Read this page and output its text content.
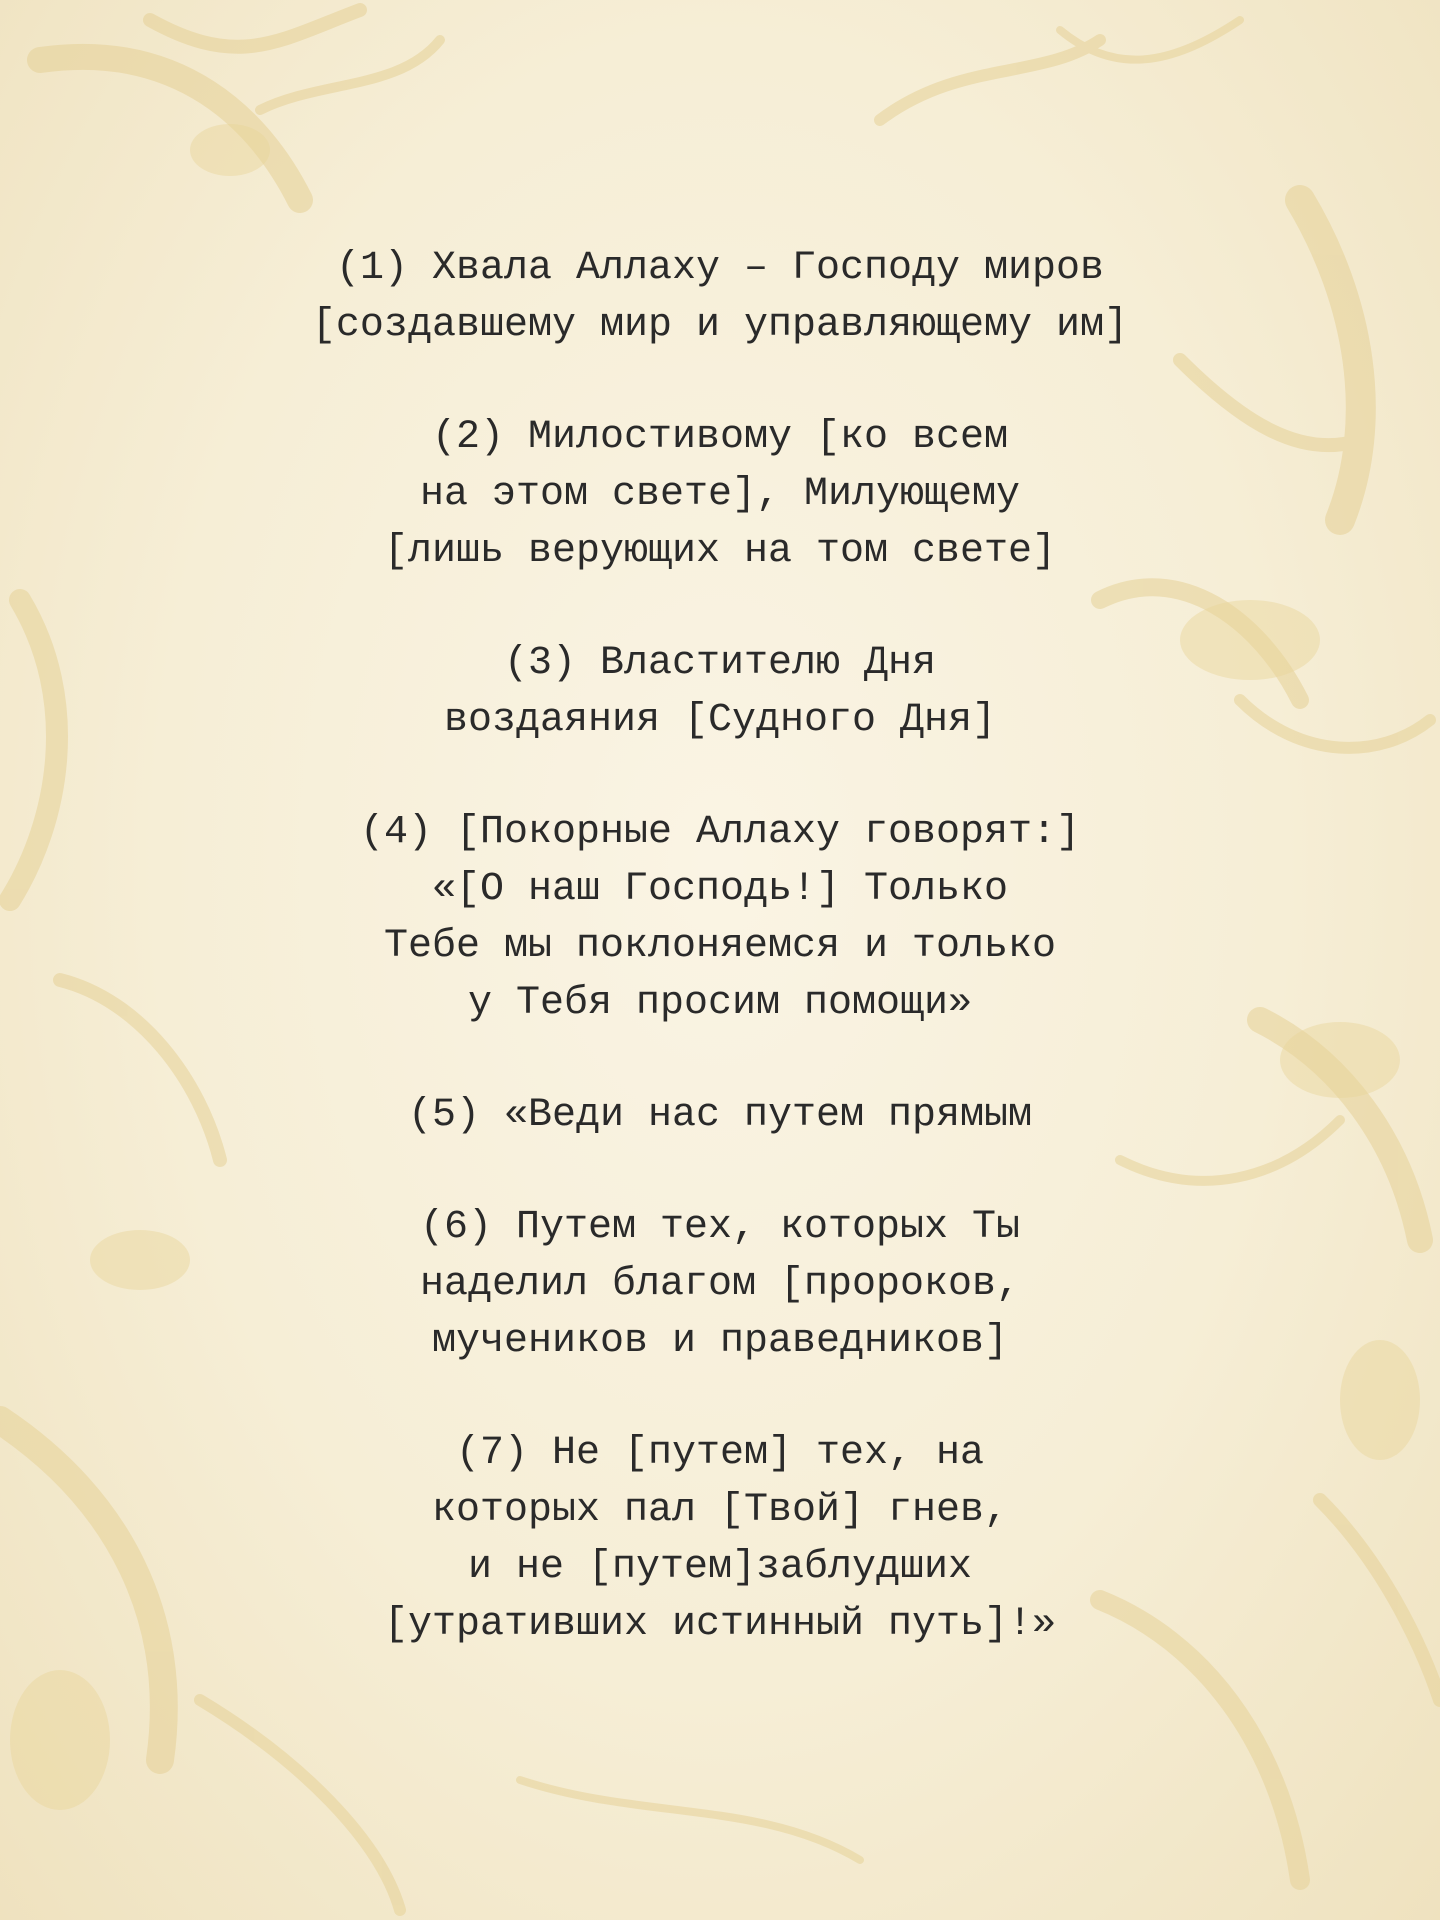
(1) Хвала Аллаху – Господу миров
[создавшему мир и управляющему им]
(2) Милостивому [ко всем
на этом свете], Милующему
[лишь верующих на том свете]
(3) Властителю Дня
воздаяния [Судного Дня]
(4) [Покорные Аллаху говорят:]
«[О наш Господь!] Только
Тебе мы поклоняемся и только
у Тебя просим помощи»
(5) «Веди нас путем прямым
(6) Путем тех, которых Ты
наделил благом [пророков,
мучеников и праведников]
(7) Не [путем] тех, на
которых пал [Твой] гнев,
и не [путем]заблудших
[утративших истинный путь]!»
